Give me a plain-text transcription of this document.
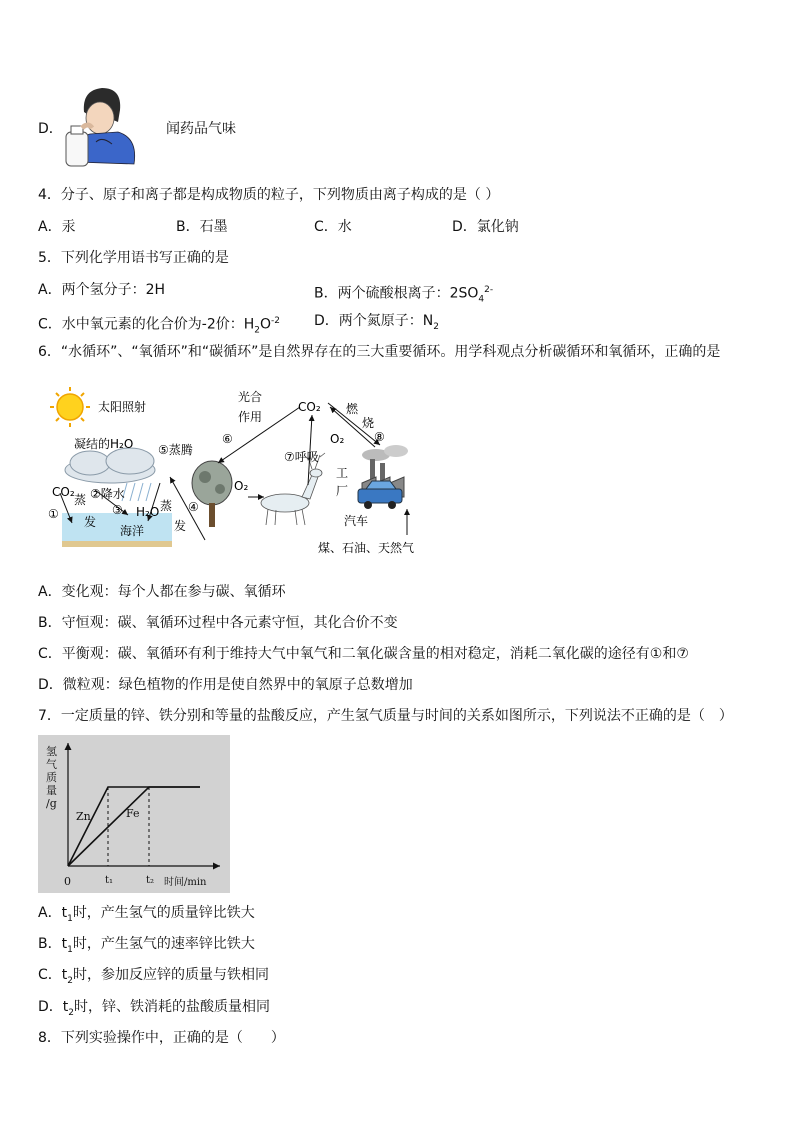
D．	闻药品气味
4．分子、原子和离子都是构成物质的粒子，下列物质由离子构成的是（ ）
A．汞	B．石墨	C．水	D．氯化钠
5．下列化学用语书写正确的是
A．两个氢分子：2H	B．两个硫酸根离子：$2SO_4^{2-}$
C．水中氧元素的化合价为-2价：$H_2O^{-2}$ D．两个氮原子：$N_2$
6．“水循环”、“氧循环”和“碳循环”是自然界存在的三大重要循环。用学科观点分析碳循环和氧循环，正确的是
太阳照射
凝结的H₂O
海洋
CO₂
①
蒸
发
②降水
③ H₂O 蒸
发
⑤蒸腾
④
O₂
光合
作用
⑥
CO₂ 燃
烧
⑧
O₂
⑦呼吸
工
厂
汽车
煤、石油、天然气
A．变化观：每个人都在参与碳、氧循环
B．守恒观：碳、氧循环过程中各元素守恒，其化合价不变
C．平衡观：碳、氧循环有利于维持大气中氧气和二氧化碳含量的相对稳定，消耗二氧化碳的途径有①和⑦
D．微粒观：绿色植物的作用是使自然界中的氧原子总数增加
7．一定质量的锌、铁分别和等量的盐酸反应，产生氢气质量与时间的关系如图所示，下列说法不正确的是（　）
Zn	Fe
t₁	t₂
0	时间/min
氢
气
质
量
/g
A．$t_1$时，产生氢气的质量锌比铁大
B．$t_1$时，产生氢气的速率锌比铁大
C．$t_2$时，参加反应锌的质量与铁相同
D．$t_2$时，锌、铁消耗的盐酸质量相同
8．下列实验操作中，正确的是（　　）
